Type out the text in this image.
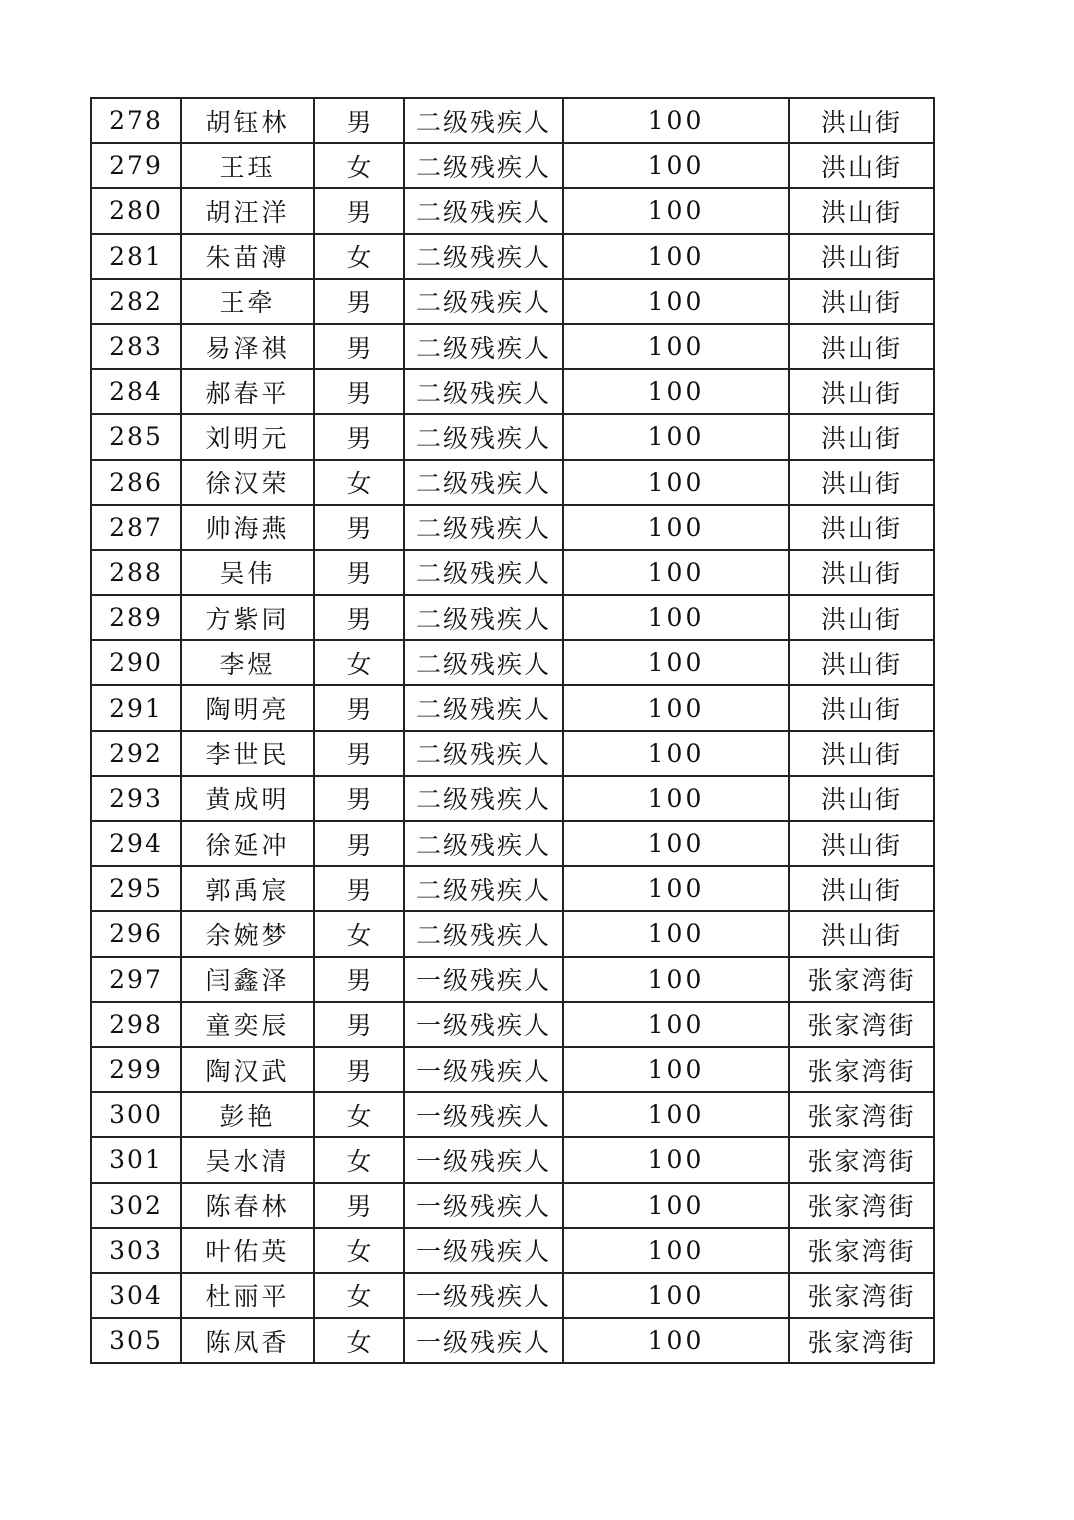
278	胡钰林	男	二级残疾人	100	洪山街
279	王珏	女	二级残疾人	100	洪山街
280	胡汪洋	男	二级残疾人	100	洪山街
281	朱苗溥	女	二级残疾人	100	洪山街
282	王牵	男	二级残疾人	100	洪山街
283	易泽祺	男	二级残疾人	100	洪山街
284	郝春平	男	二级残疾人	100	洪山街
285	刘明元	男	二级残疾人	100	洪山街
286	徐汉荣	女	二级残疾人	100	洪山街
287	帅海燕	男	二级残疾人	100	洪山街
288	吴伟	男	二级残疾人	100	洪山街
289	方紫同	男	二级残疾人	100	洪山街
290	李煜	女	二级残疾人	100	洪山街
291	陶明亮	男	二级残疾人	100	洪山街
292	李世民	男	二级残疾人	100	洪山街
293	黄成明	男	二级残疾人	100	洪山街
294	徐延冲	男	二级残疾人	100	洪山街
295	郭禹宸	男	二级残疾人	100	洪山街
296	余婉梦	女	二级残疾人	100	洪山街
297	闫鑫泽	男	一级残疾人	100	张家湾街
298	童奕辰	男	一级残疾人	100	张家湾街
299	陶汉武	男	一级残疾人	100	张家湾街
300	彭艳	女	一级残疾人	100	张家湾街
301	吴水清	女	一级残疾人	100	张家湾街
302	陈春林	男	一级残疾人	100	张家湾街
303	叶佑英	女	一级残疾人	100	张家湾街
304	杜丽平	女	一级残疾人	100	张家湾街
305	陈凤香	女	一级残疾人	100	张家湾街
